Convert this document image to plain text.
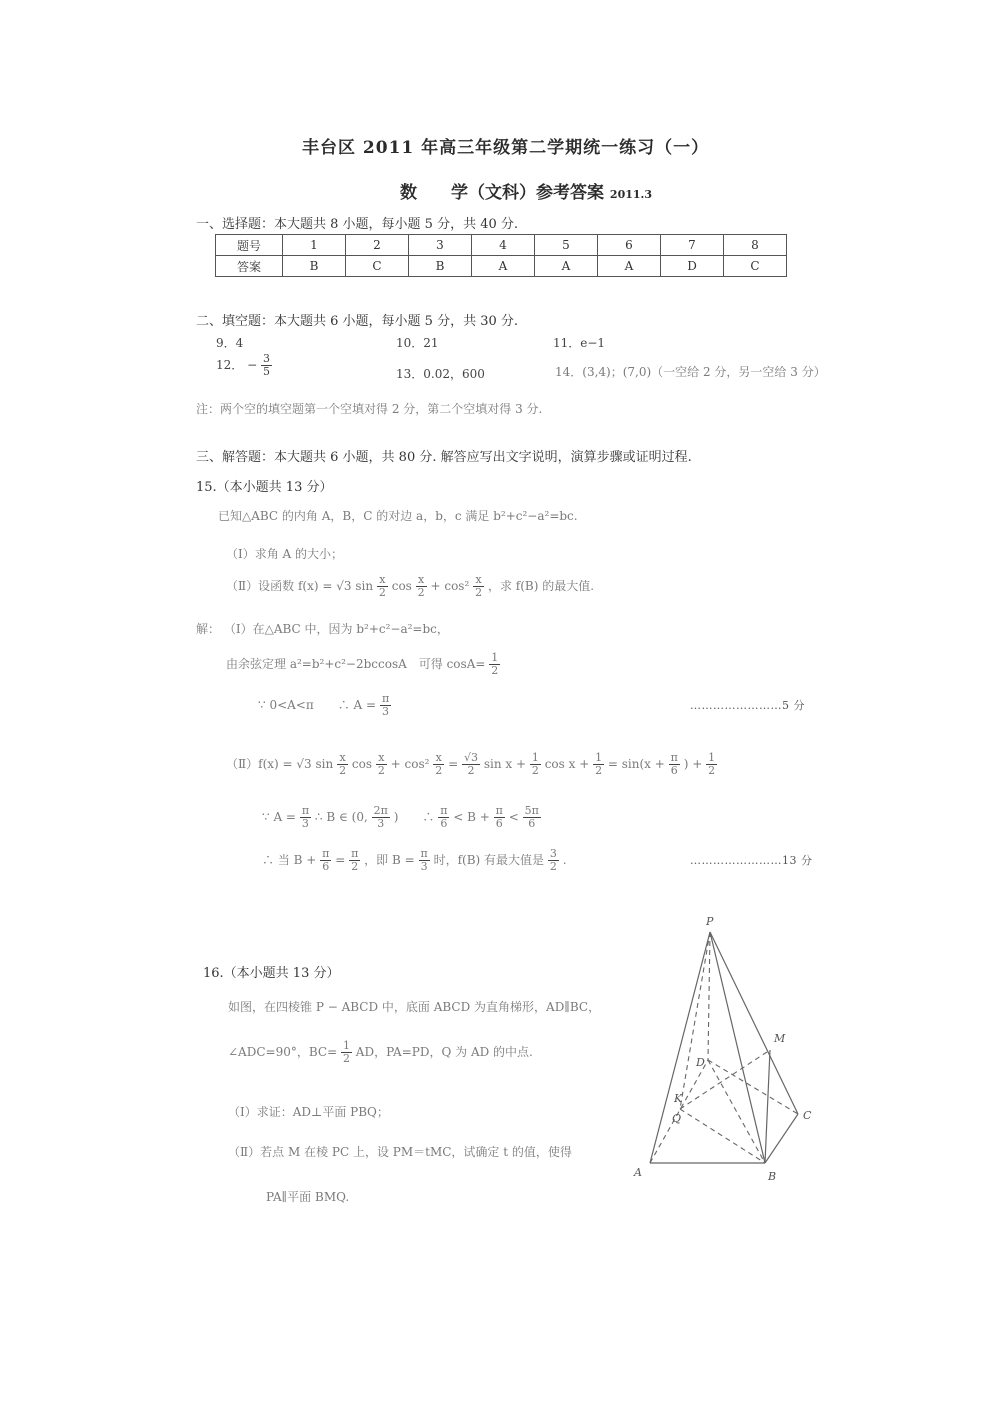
丰台区 2011 年高三年级第二学期统一练习（一）
数　　学（文科）参考答案 2011.3
一、选择题：本大题共 8 小题，每小题 5 分，共 40 分.
题号	1	2	3	4	5	6	7	8
答案	B	C	B	A	A	A	D	C
二、填空题：本大题共 6 小题，每小题 5 分，共 30 分.
9．4	10．21	11．e−1
12． − $\frac{3}{5}$	13．0.02，600	14．(3,4)；(7,0)（一空给 2 分，另一空给 3 分）
注：两个空的填空题第一个空填对得 2 分，第二个空填对得 3 分.
三、解答题：本大题共 6 小题，共 80 分. 解答应写出文字说明，演算步骤或证明过程.
15.（本小题共 13 分）
已知△ABC 的内角 A，B，C 的对边 a，b，c 满足 b²+c²−a²=bc.
（Ⅰ）求角 A 的大小；
（Ⅱ）设函数 f(x) = √3 $\sin \frac{x}{2}$ $\cos \frac{x}{2} + \cos^2 \frac{x}{2}$ ，求 f(B) 的最大值.
解： （Ⅰ）在△ABC 中，因为 b²+c²−a²=bc，
由余弦定理 a²=b²+c²−2bccosA　可得 $\cos A= \frac{1}{2}$
∵ 0<A<π　　∴ $A = \frac{\pi}{3}$	……………………5 分
（Ⅱ）f(x) = √3 $\sin \frac{x}{2}$ $\cos \frac{x}{2} + \cos^2 \frac{x}{2} = \frac{√3}{2}$ $\sin x + \frac{1}{2}$ $\cos x + \frac{1}{2} = \sin(x + \frac{\pi}{6}$ ) + $\frac{1}{2}$
∵ $A = \frac{\pi}{3}$ ∴ B ∈ (0, $\frac{2\pi}{3}$ )　　∴ $\frac{\pi}{6} < B + \frac{\pi}{6} < \frac{5\pi}{6}$
∴ 当 $B + \frac{\pi}{6} = \frac{\pi}{2}$ ，即 $B = \frac{\pi}{3}$ 时，f(B) 有最大值是 $\frac{3}{2}$ .	……………………13 分
16.（本小题共 13 分）
如图，在四棱锥 P − ABCD 中，底面 ABCD 为直角梯形，AD∥BC，
∠ADC=90°，$BC= \frac{1}{2}$ AD，PA=PD，Q 为 AD 的中点.
（Ⅰ）求证：AD⊥平面 PBQ；
（Ⅱ）若点 M 在棱 PC 上，设 PM＝tMC，试确定 t 的值，使得
PA∥平面 BMQ.
P
M
D
C
K
Q
A	B
